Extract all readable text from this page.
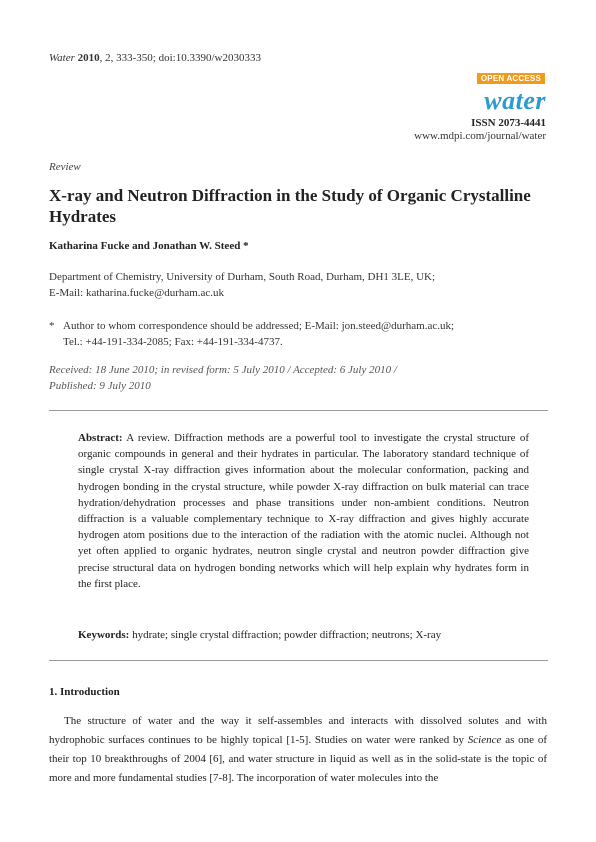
Water 2010, 2, 333-350; doi:10.3390/w2030333
OPEN ACCESS
water
ISSN 2073-4441
www.mdpi.com/journal/water
Review
X-ray and Neutron Diffraction in the Study of Organic Crystalline Hydrates
Katharina Fucke and Jonathan W. Steed *
Department of Chemistry, University of Durham, South Road, Durham, DH1 3LE, UK;
E-Mail: katharina.fucke@durham.ac.uk
* Author to whom correspondence should be addressed; E-Mail: jon.steed@durham.ac.uk;
Tel.: +44-191-334-2085; Fax: +44-191-334-4737.
Received: 18 June 2010; in revised form: 5 July 2010 / Accepted: 6 July 2010 /
Published: 9 July 2010

Abstract: A review. Diffraction methods are a powerful tool to investigate the crystal structure of organic compounds in general and their hydrates in particular. The laboratory standard technique of single crystal X-ray diffraction gives information about the molecular conformation, packing and hydrogen bonding in the crystal structure, while powder X-ray diffraction on bulk material can trace hydration/dehydration processes and phase transitions under non-ambient conditions. Neutron diffraction is a valuable complementary technique to X-ray diffraction and gives highly accurate hydrogen atom positions due to the interaction of the radiation with the atomic nuclei. Although not yet often applied to organic hydrates, neutron single crystal and neutron powder diffraction give precise structural data on hydrogen bonding networks which will help explain why hydrates form in the first place.

Keywords: hydrate; single crystal diffraction; powder diffraction; neutrons; X-ray
1. Introduction

The structure of water and the way it self-assembles and interacts with dissolved solutes and with hydrophobic surfaces continues to be highly topical [1-5]. Studies on water were ranked by Science as one of their top 10 breakthroughs of 2004 [6], and water structure in liquid as well as in the solid-state is the topic of more and more fundamental studies [7-8]. The incorporation of water molecules into the
